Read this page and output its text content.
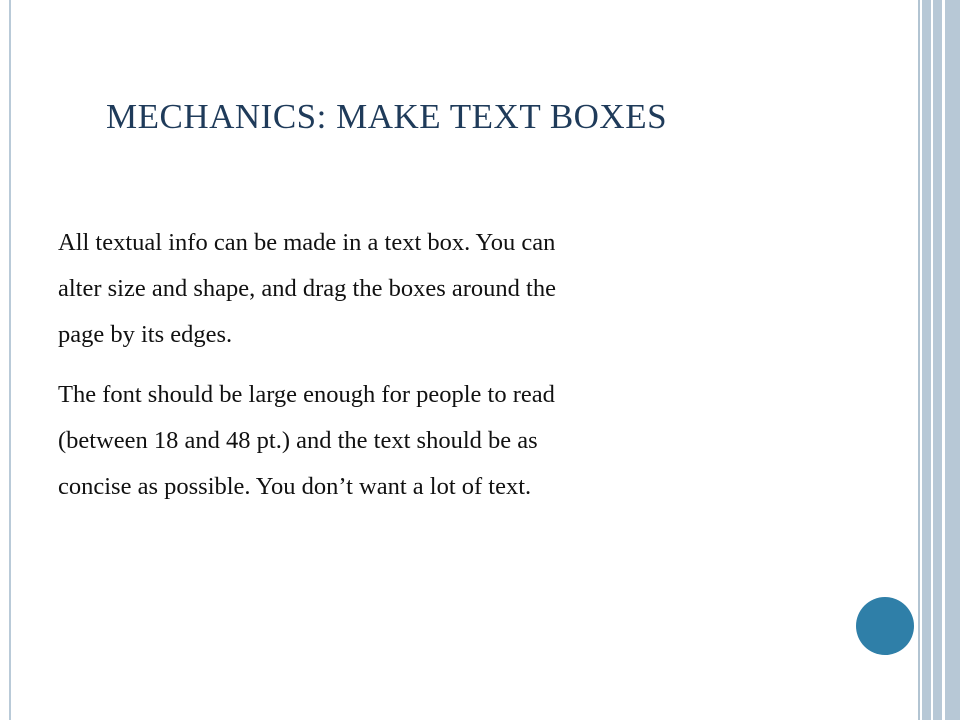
MECHANICS: MAKE TEXT BOXES
All textual info can be made in a text box. You can
alter size and shape, and drag the boxes around the
page by its edges.
The font should be large enough for people to read
(between 18 and 48 pt.) and the text should be as
concise as possible. You don’t want a lot of text.
